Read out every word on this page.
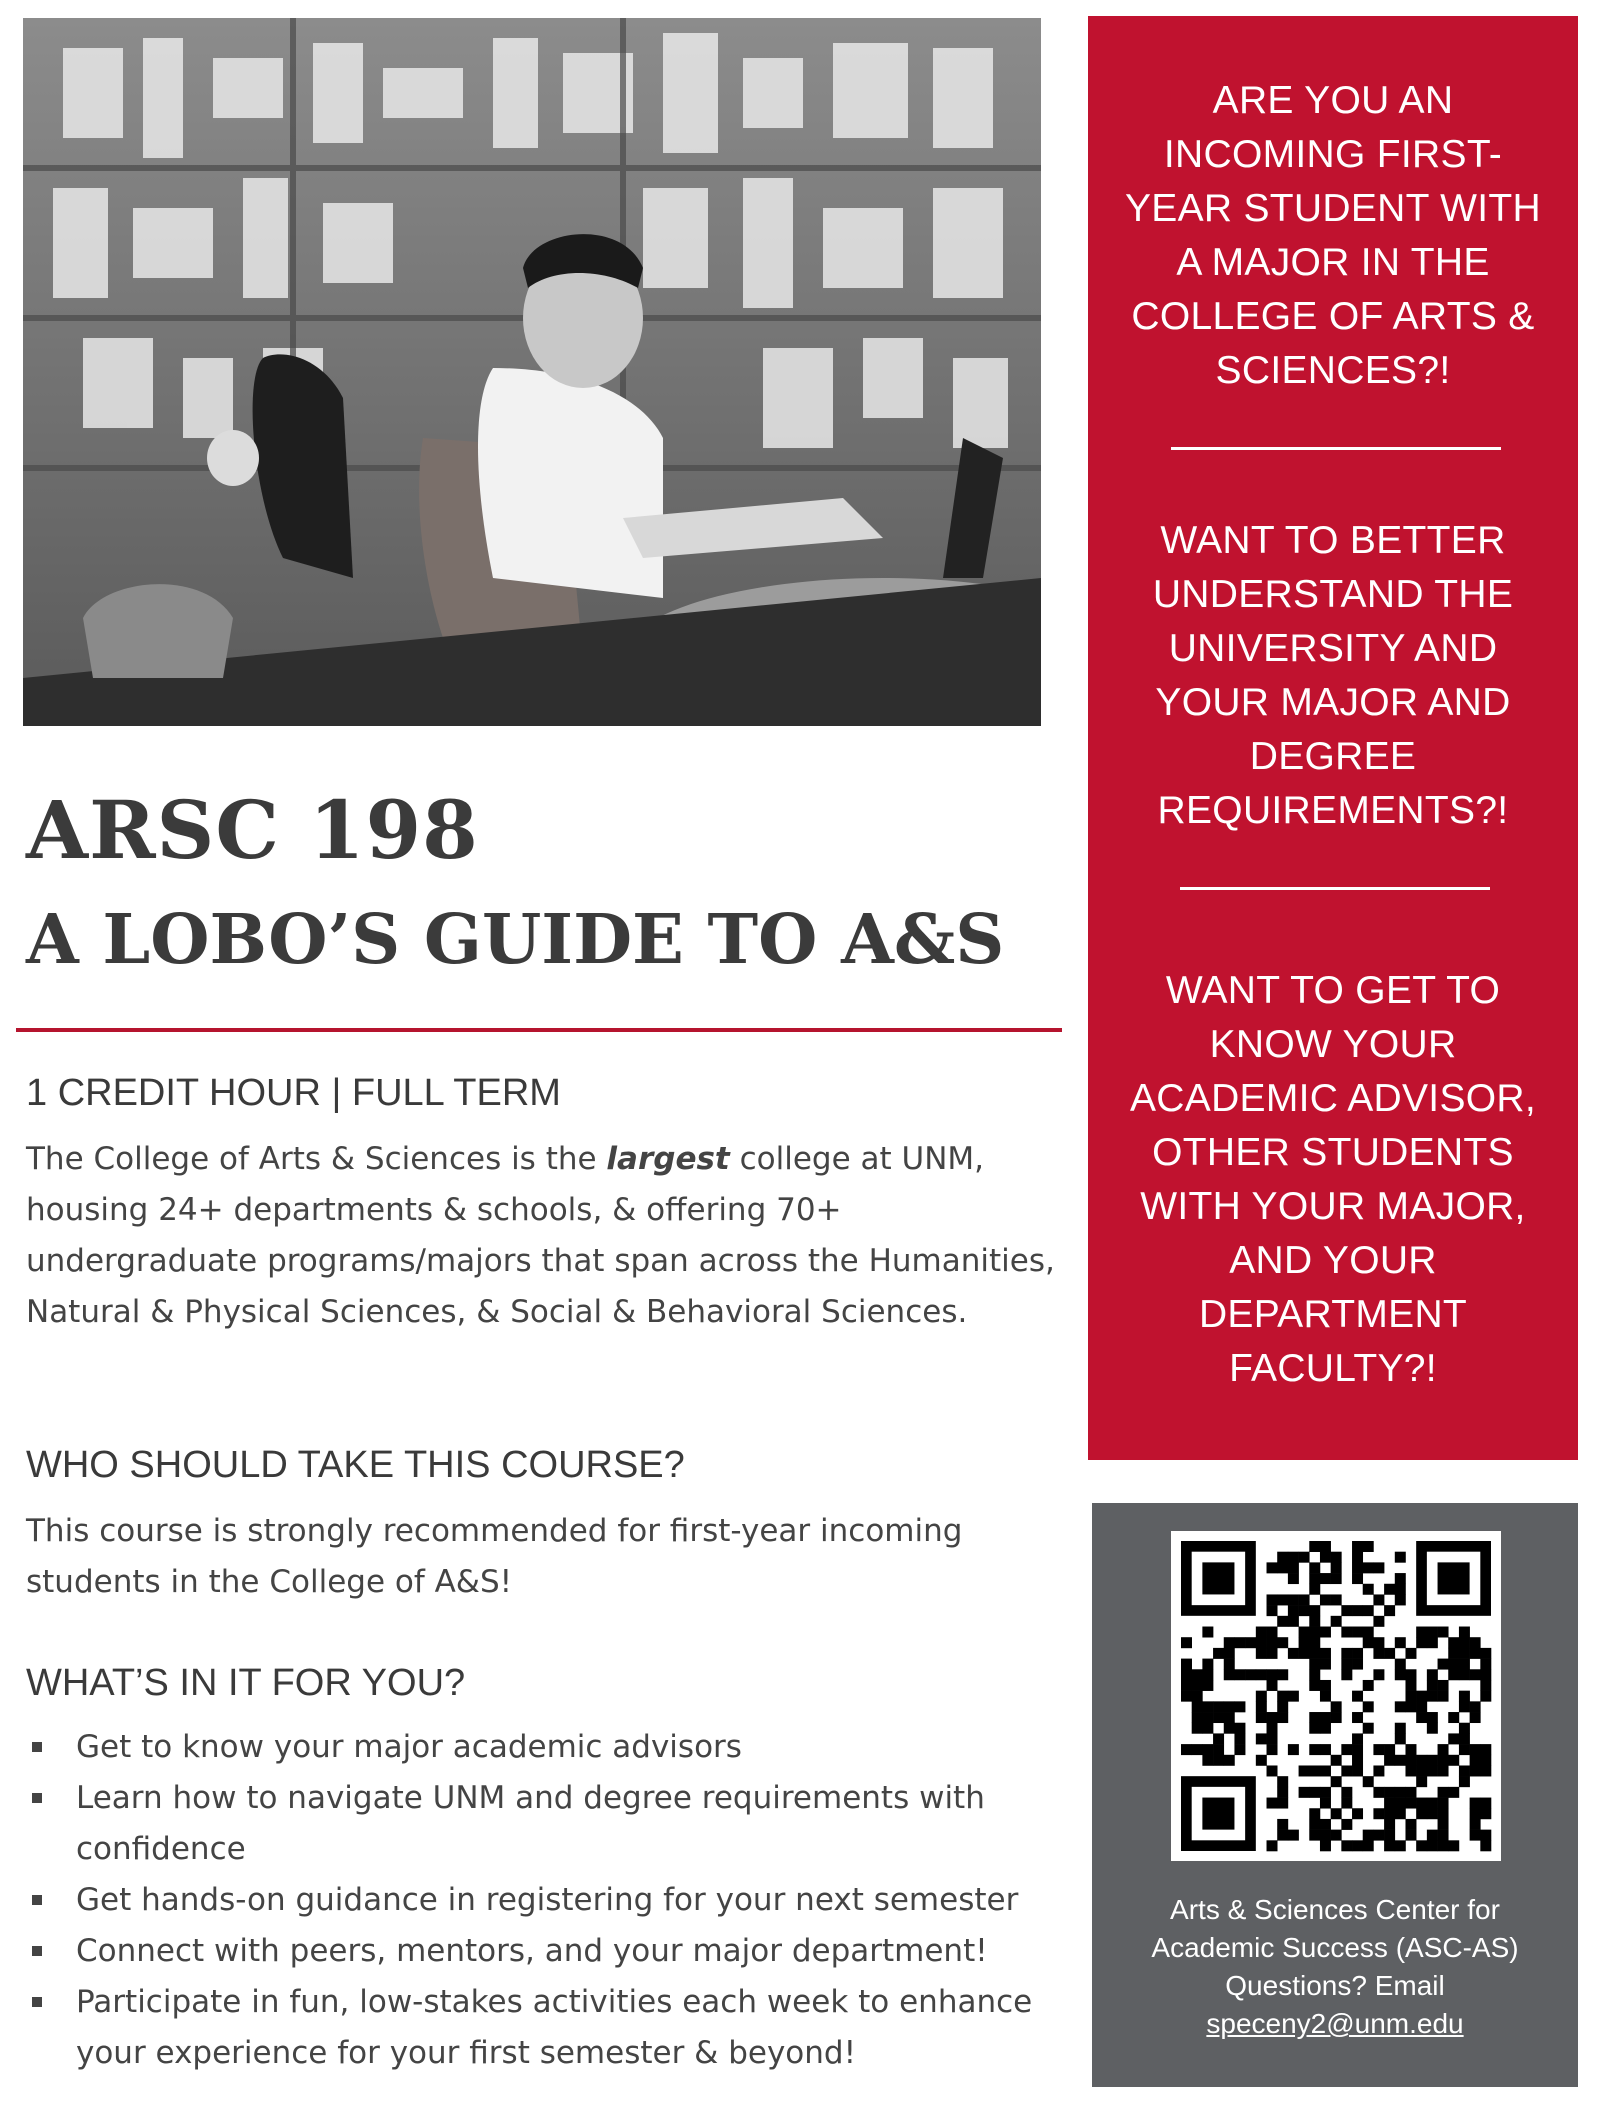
ARSC 198
A LOBO’S GUIDE TO A&S
1 CREDIT HOUR | FULL TERM

The College of Arts & Sciences is the largest college at UNM, housing 24+ departments & schools, & offering 70+ undergraduate programs/majors that span across the Humanities, Natural & Physical Sciences, & Social & Behavioral Sciences.

WHO SHOULD TAKE THIS COURSE?

This course is strongly recommended for first-year incoming students in the College of A&S!

WHAT’S IN IT FOR YOU?
Get to know your major academic advisors
Learn how to navigate UNM and degree requirements with confidence
Get hands-on guidance in registering for your next semester
Connect with peers, mentors, and your major department!
Participate in fun, low-stakes activities each week to enhance your experience for your first semester & beyond!
ARE YOU AN
INCOMING FIRST-
YEAR STUDENT WITH
A MAJOR IN THE
COLLEGE OF ARTS &
SCIENCES?!
WANT TO BETTER
UNDERSTAND THE
UNIVERSITY AND
YOUR MAJOR AND
DEGREE
REQUIREMENTS?!
WANT TO GET TO
KNOW YOUR
ACADEMIC ADVISOR,
OTHER STUDENTS
WITH YOUR MAJOR,
AND YOUR
DEPARTMENT
FACULTY?!

Arts & Sciences Center for
Academic Success (ASC-AS)
Questions? Email
speceny2@unm.edu
